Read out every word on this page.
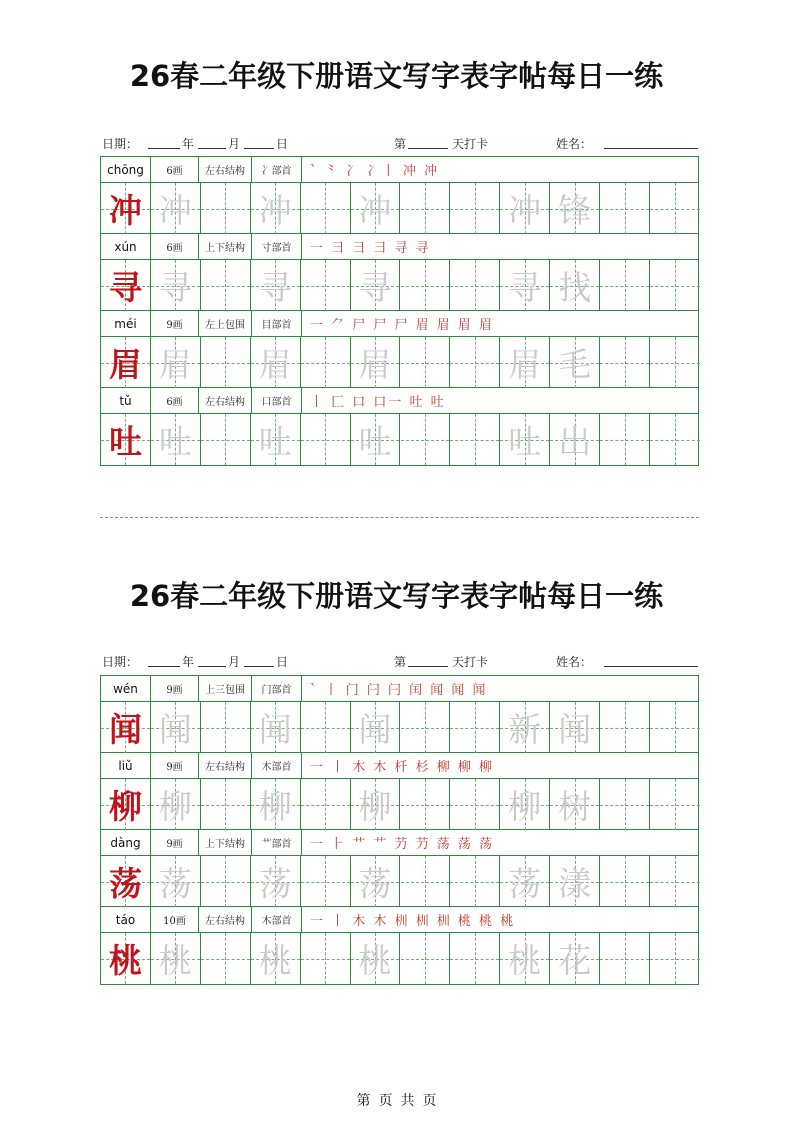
26春二年级下册语文写字表字帖每日一练
日期：	年	月	日	第	天打卡	姓名：
chōng 6画 左右结构 冫部首	` ⺀ 冫 冫⼁ 冲 冲
冲 冲 冲 冲	冲 锋
xún	6画 上下结构 寸部首	⼀ ⺕ ⺕ 彐 寻 寻
寻 寻 寻 寻	寻 找
méi	9画 左上包围 目部首	⼀ ⺈ ⼫ 尸 尸 眉 眉 眉 眉
眉 眉 眉 眉	眉 毛
tǔ	6画 左右结构 口部首	丨 ⼕ 口 口⼀ 吐 吐
吐 吐 吐 吐	吐 出
26春二年级下册语文写字表字帖每日一练
日期：	年	月	日	第	天打卡	姓名：
wén	9画 上三包围 门部首	` 丨 门 闩 闩 闰 闻 闻 闻
闻 闻 闻 闻	新 闻
liǔ	9画 左右结构 木部首	⼀ 丨 木 木 杄 杉 柳 柳 柳
柳 柳 柳 柳	柳 树
dàng	9画 上下结构 艹部首	⼀ ⺊ 艹 艹 芀 芀 荡 荡 荡
荡 荡 荡 荡	荡 漾
táo	10画 左右结构 木部首	⼀ 丨 木 木 杊 杊 杊 桃 桃 桃
桃 桃 桃 桃	桃 花
第 页 共 页
